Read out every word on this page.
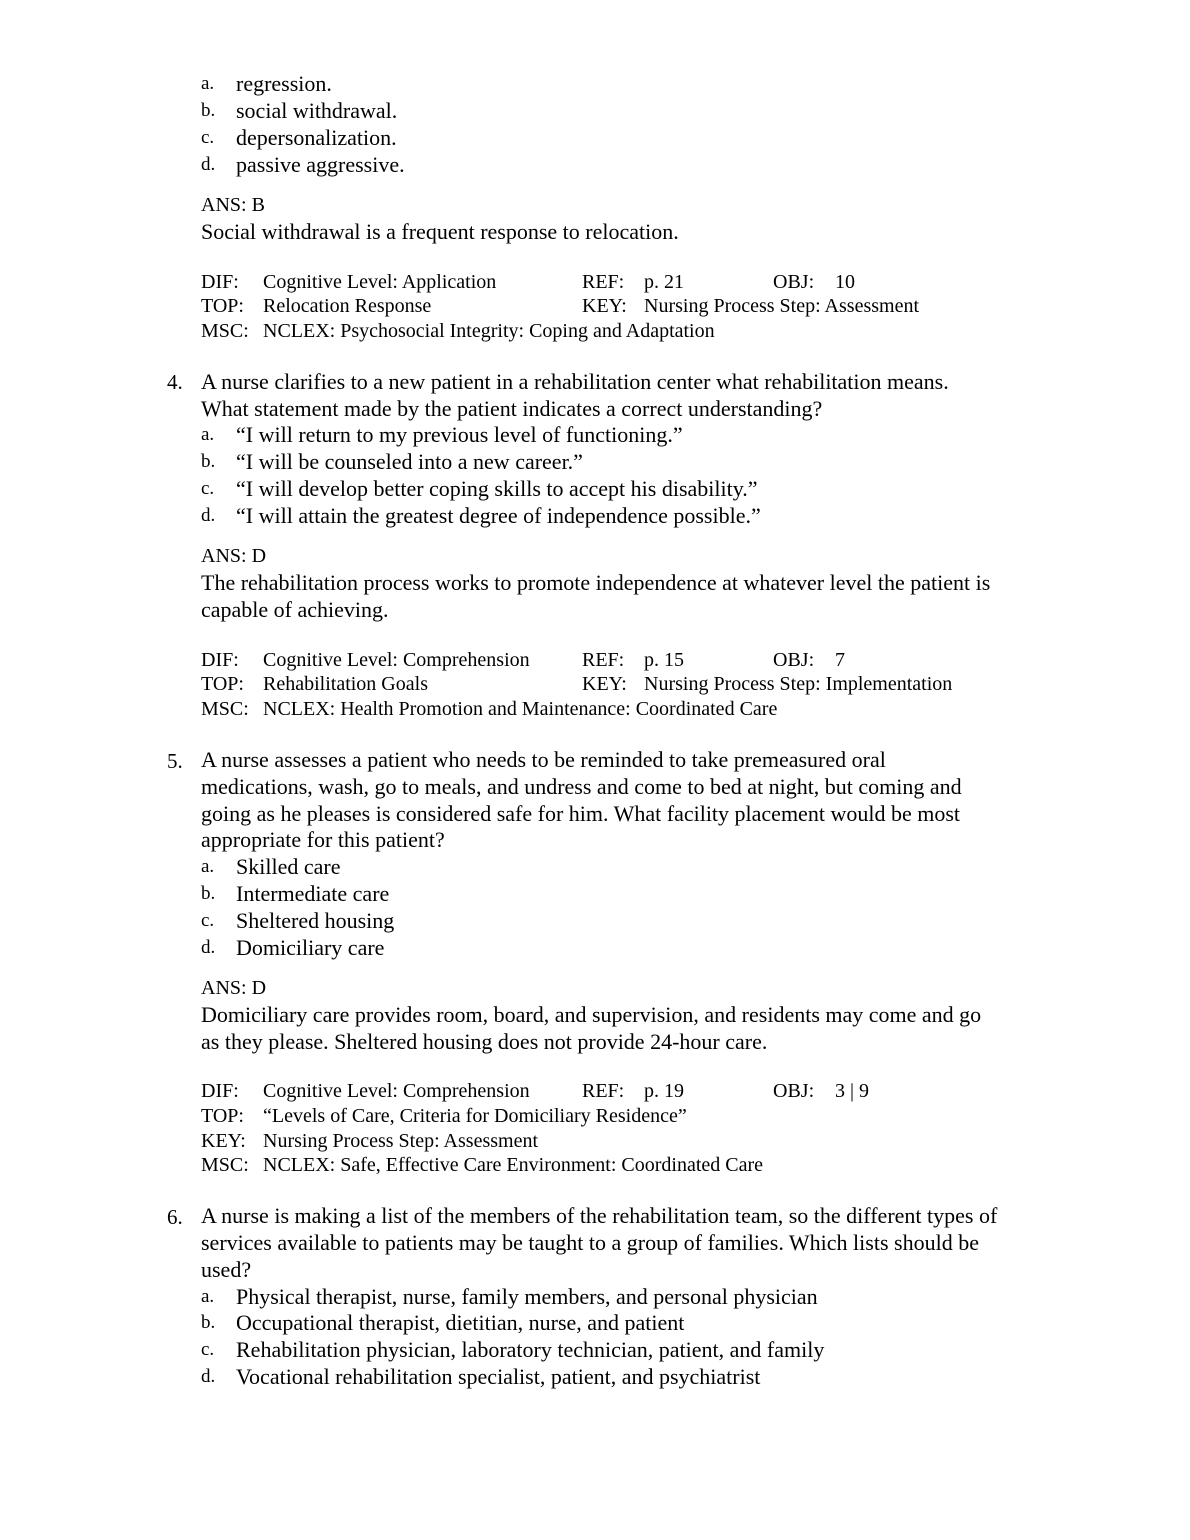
a. regression.
b. social withdrawal.
c. depersonalization.
d. passive aggressive.
ANS: B
Social withdrawal is a frequent response to relocation.
DIF: Cognitive Level: Application	REF: p. 21	OBJ: 10
TOP: Relocation Response	KEY: Nursing Process Step: Assessment
MSC: NCLEX: Psychosocial Integrity: Coping and Adaptation
4. A nurse clarifies to a new patient in a rehabilitation center what rehabilitation means.
What statement made by the patient indicates a correct understanding?
a. “I will return to my previous level of functioning.”
b. “I will be counseled into a new career.”
c. “I will develop better coping skills to accept his disability.”
d. “I will attain the greatest degree of independence possible.”
ANS: D
The rehabilitation process works to promote independence at whatever level the patient is
capable of achieving.
DIF: Cognitive Level: Comprehension	REF: p. 15	OBJ: 7
TOP: Rehabilitation Goals	KEY: Nursing Process Step: Implementation
MSC: NCLEX: Health Promotion and Maintenance: Coordinated Care
5. A nurse assesses a patient who needs to be reminded to take premeasured oral
medications, wash, go to meals, and undress and come to bed at night, but coming and
going as he pleases is considered safe for him. What facility placement would be most
appropriate for this patient?
a. Skilled care
b. Intermediate care
c. Sheltered housing
d. Domiciliary care
ANS: D
Domiciliary care provides room, board, and supervision, and residents may come and go
as they please. Sheltered housing does not provide 24-hour care.
DIF: Cognitive Level: Comprehension	REF: p. 19	OBJ: 3 | 9
TOP: “Levels of Care, Criteria for Domiciliary Residence”
KEY: Nursing Process Step: Assessment
MSC: NCLEX: Safe, Effective Care Environment: Coordinated Care
6. A nurse is making a list of the members of the rehabilitation team, so the different types of
services available to patients may be taught to a group of families. Which lists should be
used?
a. Physical therapist, nurse, family members, and personal physician
b. Occupational therapist, dietitian, nurse, and patient
c. Rehabilitation physician, laboratory technician, patient, and family
d. Vocational rehabilitation specialist, patient, and psychiatrist
